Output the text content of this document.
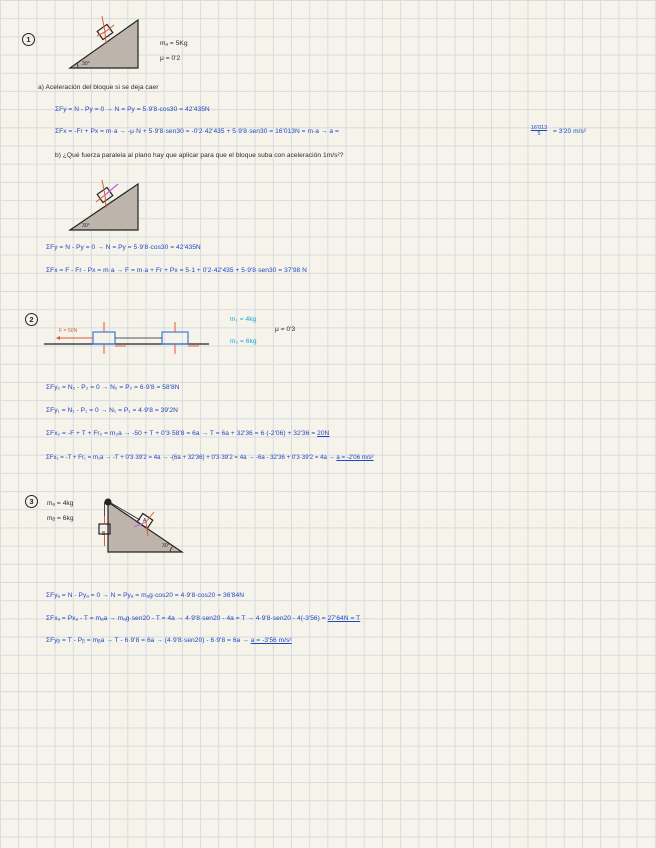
1
30°
mₐ = 5Kg
μ = 0'2
a) Aceleración del bloque si se deja caer
ΣFy = N - Py = 0 → N = Py = 5·9'8·cos30 = 42'435N
ΣFx = -Fr + Px = m·a → -μ·N + 5·9'8·sen30 = -0'2·42'435 + 5·9'8·sen30 = 16'013N = m·a → a =	$\frac{16'013}{5} = 3'20$ m/s²
b) ¿Qué fuerza paralela al plano hay que aplicar para que el bloque suba con aceleración 1m/s²?
30°
ΣFy = N - Py = 0 → N = Py = 5·9'8·cos30 = 42'435N
ΣFx = F - Fr - Px = m·a → F = m·a + Fr + Px = 5·1 + 0'2·42'435 + 5·9'8·sen30 = 37'98 N
2
F = 50N
m₁ = 4kg
m₂ = 6kg
μ = 0'3
ΣFy₂ = N₂ - P₂ = 0 → N₂ = P₂ = 6·9'8 = 58'8N
ΣFy₁ = N₁ - P₁ = 0 → N₁ = P₁ = 4·9'8 = 39'2N
ΣFx₂ = -F + T + Fr₂ = m₂a → -50 + T + 0'3·58'8 = 6a → T = 6a + 32'36 = 6·(-2'06) + 32'36 = 20N
ΣFx₁ = -T + Fr₁ = m₁a → -T + 0'3·39'2 = 4a → -(6a + 32'36) + 0'3·39'2 = 4a → -6a - 32'36 + 0'3·39'2 = 4a → a = -2'06 m/s²
3	mₐ = 4kg
mᵦ = 6kg
B
A
30°
ΣFyₐ = N - Pyₐ = 0 → N = Pyₐ = mₐg·cos20 = 4·9'8·cos20 = 36'84N
ΣFxₐ = Pxₐ - T = mₐa → mₐg·sen20 - T = 4a → 4·9'8·sen20 - 4a = T → 4·9'8·sen20 - 4(-3'56) = 27'64N = T
ΣFyᵦ = T - Pᵦ = mᵦa → T - 6·9'8 = 6a → (4·9'8·sen20) - 6·9'8 = 6a → a = -3'56 m/s²
